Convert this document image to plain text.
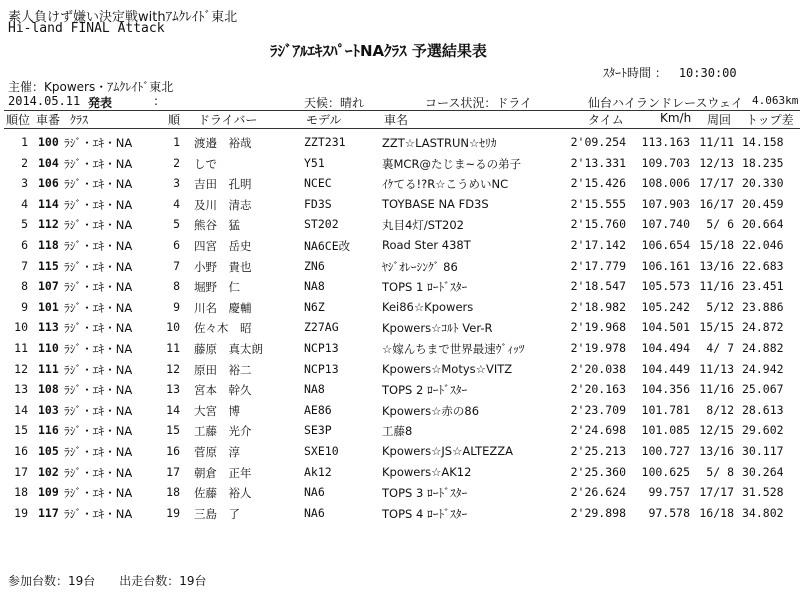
素人負けず嫌い決定戦withｱﾑｸﾚｲﾄﾞ東北
Hi-land FINAL Attack
ﾗｼﾞｱﾙｴｷｽﾊﾟｰﾄNAｸﾗｽ 予選結果表
ｽﾀｰﾄ時間 ： 10:30:00
主催：Kpowers・ｱﾑｸﾚｲﾄﾞ東北
2014.05.11 発表	:	天候：晴れ	コース状況：ドライ	仙台ハイランドレースウェイ 4.063km
順位 車番 ｸﾗｽ	順 ドライバー	モデル	車名	タイム	Km/h 周回 トップ差
1 100 ﾗｼﾞ・ｴｷ・NA	1 渡邉　裕哉	ZZT231	ZZT☆LASTRUN☆ｾﾘｶ	2'09.254	113.163 11/11 14.158
2 104 ﾗｼﾞ・ｴｷ・NA	2 しで	Y51	裏MCR@たじま~るの弟子	2'13.331	109.703 12/13 18.235
3 106 ﾗｼﾞ・ｴｷ・NA	3 吉田　孔明	NCEC	ｲｹてる!?R☆こうめいNC	2'15.426	108.006 17/17 20.330
4 114 ﾗｼﾞ・ｴｷ・NA	4 及川　清志	FD3S	TOYBASE NA FD3S	2'15.555	107.903 16/17 20.459
5 112 ﾗｼﾞ・ｴｷ・NA	5 熊谷　猛	ST202	丸目4灯/ST202	2'15.760	107.740	5/ 6 20.664
6 118 ﾗｼﾞ・ｴｷ・NA	6 四宮　岳史	NA6CE改	Road Ster 438T	2'17.142	106.654 15/18 22.046
7 115 ﾗｼﾞ・ｴｷ・NA	7 小野　貴也	ZN6	ﾔｼﾞｵﾚｰｼﾝｸﾞ 86	2'17.779	106.161 13/16 22.683
8 107 ﾗｼﾞ・ｴｷ・NA	8 堀野　仁	NA8	TOPS 1 ﾛｰﾄﾞｽﾀｰ	2'18.547	105.573 11/16 23.451
9 101 ﾗｼﾞ・ｴｷ・NA	9 川名　慶輔	N6Z	Kei86☆Kpowers	2'18.982	105.242	5/12 23.886
10 113 ﾗｼﾞ・ｴｷ・NA	10 佐々木　昭	Z27AG	Kpowers☆ｺﾙﾄ Ver-R	2'19.968	104.501 15/15 24.872
11 110 ﾗｼﾞ・ｴｷ・NA	11 藤原　真太朗	NCP13	☆嫁んちまで世界最速ｳﾞｨｯﾂ	2'19.978	104.494	4/ 7 24.882
12 111 ﾗｼﾞ・ｴｷ・NA	12 原田　裕二	NCP13	Kpowers☆Motys☆VITZ	2'20.038	104.449 11/13 24.942
13 108 ﾗｼﾞ・ｴｷ・NA	13 宮本　幹久	NA8	TOPS 2 ﾛｰﾄﾞｽﾀｰ	2'20.163	104.356 11/16 25.067
14 103 ﾗｼﾞ・ｴｷ・NA	14 大宮　博	AE86	Kpowers☆赤の86	2'23.709	101.781	8/12 28.613
15 116 ﾗｼﾞ・ｴｷ・NA	15 工藤　光介	SE3P	工藤8	2'24.698	101.085 12/15 29.602
16 105 ﾗｼﾞ・ｴｷ・NA	16 菅原　淳	SXE10	Kpowers☆JS☆ALTEZZA	2'25.213	100.727 13/16 30.117
17 102 ﾗｼﾞ・ｴｷ・NA	17 朝倉　正年	Ak12	Kpowers☆AK12	2'25.360	100.625	5/ 8 30.264
18 109 ﾗｼﾞ・ｴｷ・NA	18 佐藤　裕人	NA6	TOPS 3 ﾛｰﾄﾞｽﾀｰ	2'26.624	99.757 17/17 31.528
19 117 ﾗｼﾞ・ｴｷ・NA	19 三島　了	NA6	TOPS 4 ﾛｰﾄﾞｽﾀｰ	2'29.898	97.578 16/18 34.802
参加台数：19台 出走台数：19台
